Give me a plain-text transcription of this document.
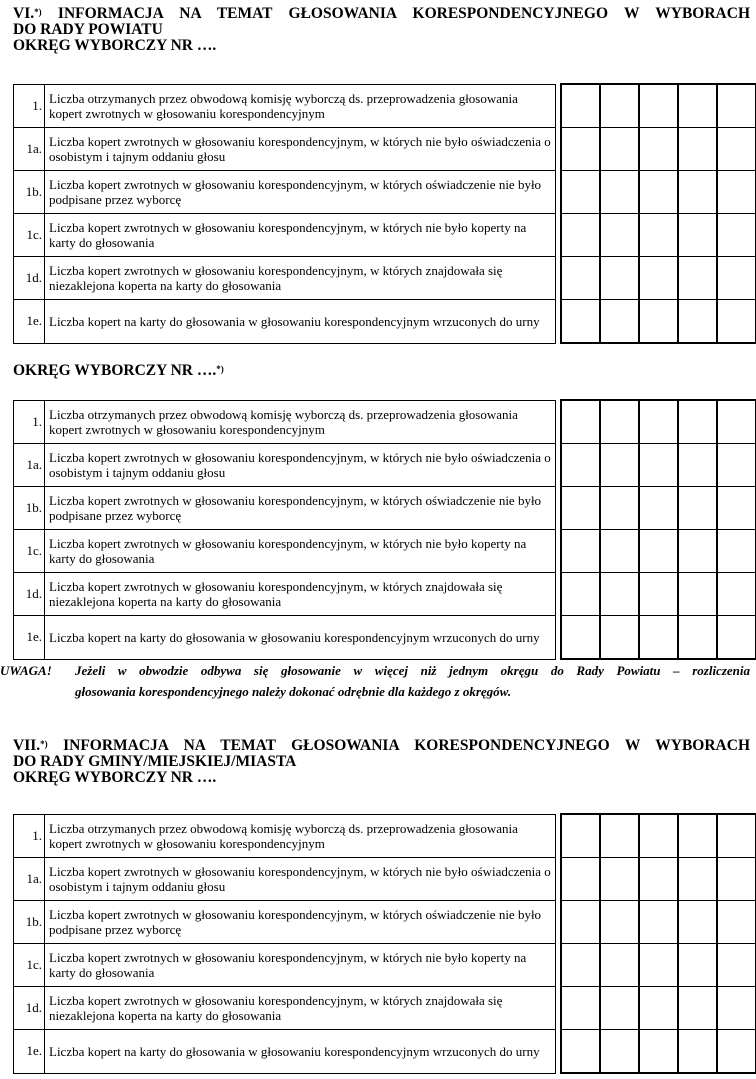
VI.*) INFORMACJA NA TEMAT GŁOSOWANIA KORESPONDENCYJNEGO W WYBORACH
DO RADY POWIATU
OKRĘG WYBORCZY NR ….
1.	Liczba otrzymanych przez obwodową komisję wyborczą ds. przeprowadzenia głosowania kopert zwrotnych w głosowaniu korespondencyjnym						
1a.	Liczba kopert zwrotnych w głosowaniu korespondencyjnym, w których nie było oświadczenia o osobistym i tajnym oddaniu głosu						
1b.	Liczba kopert zwrotnych w głosowaniu korespondencyjnym, w których oświadczenie nie było podpisane przez wyborcę						
1c.	Liczba kopert zwrotnych w głosowaniu korespondencyjnym, w których nie było koperty na karty do głosowania						
1d.	Liczba kopert zwrotnych w głosowaniu korespondencyjnym, w których znajdowała się niezaklejona koperta na karty do głosowania						
1e.	Liczba kopert na karty do głosowania w głosowaniu korespondencyjnym wrzuconych do urny						
OKRĘG WYBORCZY NR ….*)
1.	Liczba otrzymanych przez obwodową komisję wyborczą ds. przeprowadzenia głosowania kopert zwrotnych w głosowaniu korespondencyjnym						
1a.	Liczba kopert zwrotnych w głosowaniu korespondencyjnym, w których nie było oświadczenia o osobistym i tajnym oddaniu głosu						
1b.	Liczba kopert zwrotnych w głosowaniu korespondencyjnym, w których oświadczenie nie było podpisane przez wyborcę						
1c.	Liczba kopert zwrotnych w głosowaniu korespondencyjnym, w których nie było koperty na karty do głosowania						
1d.	Liczba kopert zwrotnych w głosowaniu korespondencyjnym, w których znajdowała się niezaklejona koperta na karty do głosowania						
1e.	Liczba kopert na karty do głosowania w głosowaniu korespondencyjnym wrzuconych do urny						
UWAGA! Jeżeli w obwodzie odbywa się głosowanie w więcej niż jednym okręgu do Rady Powiatu – rozliczenia
głosowania korespondencyjnego należy dokonać odrębnie dla każdego z okręgów.
VII.*) INFORMACJA NA TEMAT GŁOSOWANIA KORESPONDENCYJNEGO W WYBORACH
DO RADY GMINY/MIEJSKIEJ/MIASTA
OKRĘG WYBORCZY NR ….
1.	Liczba otrzymanych przez obwodową komisję wyborczą ds. przeprowadzenia głosowania kopert zwrotnych w głosowaniu korespondencyjnym						
1a.	Liczba kopert zwrotnych w głosowaniu korespondencyjnym, w których nie było oświadczenia o osobistym i tajnym oddaniu głosu						
1b.	Liczba kopert zwrotnych w głosowaniu korespondencyjnym, w których oświadczenie nie było podpisane przez wyborcę						
1c.	Liczba kopert zwrotnych w głosowaniu korespondencyjnym, w których nie było koperty na karty do głosowania						
1d.	Liczba kopert zwrotnych w głosowaniu korespondencyjnym, w których znajdowała się niezaklejona koperta na karty do głosowania						
1e.	Liczba kopert na karty do głosowania w głosowaniu korespondencyjnym wrzuconych do urny						
